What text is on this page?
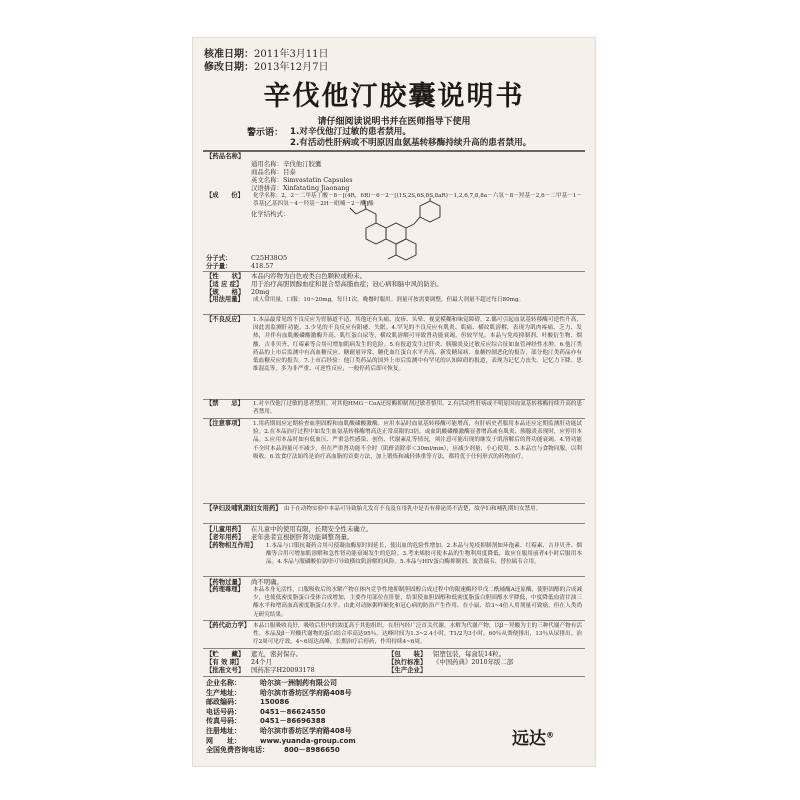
核准日期：2011年3月11日
修改日期：2013年12月7日
辛伐他汀胶囊说明书
请仔细阅读说明书并在医师指导下使用
警示语： 1.对辛伐他汀过敏的患者禁用。
2.有活动性肝病或不明原因血氨基转移酶持续升高的患者禁用。
【药品名称】
通用名称：辛伐他汀胶囊
商品名称：目泰
英文名称：Simvastatin Capsules
汉语拼音：Xinfatating Jiaonang
【成　　份】	化学名称：2，2－二甲基丁酸－8－[(4R，6R)－6－2－[(1S,2S,6S,8S,8aR)－1,2,6,7,8,8a－六氢－8－羟基－2,6－二甲基－1－萘基]乙基四氢－4－羟基－2H－吡喃－2－酮]酯
化学结构式：
分子式：	C25H38O5
分子量：	418.57
【性　　状】 本品内容物为白色或类白色颗粒或粉末。
【适 应 症】 用于治疗高胆固醇血症和混合型高脂血症；冠心病和脑中风的防治。
【规　　格】 20mg
【用法用量】	成人常用量，口服：10~20mg，每日1次，晚餐时服用。剂量可按需要调整，但最大剂量不超过每日80mg。
【不良反应】	1.本品最常见的不良反应为胃肠道不适，其他还有头痛、皮疹、头晕、视觉模糊和味觉障碍。2.偶可引起血氨基转移酶可逆性升高，因此需监测肝功能。3.少见的不良反应有阳痿、失眠。4.罕见的不良反应有肌炎、肌痛、横纹肌溶解，表现为肌肉疼痛、乏力、发热，并伴有血肌酸磷酸激酶升高、肌红蛋白尿等，横纹肌溶解可导致肾功能衰竭，但较罕见。本品与免疫抑制剂、叶酸衍生物、烟酸、吉非贝齐、红霉素等合用可增加肌病发生的危险。5.有报道发生过肝炎、胰腺炎及过敏反应综合征如血管神经性水肿。6.他汀类药品的上市后监测中有高血糖反应、糖耐量异常、糖化血红蛋白水平升高、新发糖尿病、血糖控制恶化的报告，部分他汀类药品亦有低血糖反应的报告。7.上市后经验：他汀类药品的国外上市后监测中有罕见的认知障碍的报道，表现为记忆力丧失、记忆力下降、思维混乱等，多为非严重、可逆性反应，一般停药后即可恢复。
【禁　　忌】	1.对辛伐他汀过敏的患者禁用。对其他HMG－CoA还原酶抑制剂过敏者慎用。2.有活动性肝病或不明原因血氨基转移酶持续升高的患者禁用。
【注意事项】	1.用药期间应定期检查血胆固醇和血肌酸磷酸激酶。应用本品时血氨基转移酶可能增高，有肝病史者服用本品还应定期监测肝功能试验。2.在本品治疗过程中如发生血氨基转移酶增高达正常高限的3倍，或血肌酸磷酸激酶显著增高或有肌炎、胰腺炎表现时，应停用本品。3.应用本品时如有低血压、严重急性感染、创伤、代谢紊乱等情况，须注意可能出现的继发于肌溶解后的肾功能衰竭。4.肾功能不全时本品剂量可不减少，但在严重肾功能不全时（肌酐清除率＜30ml/min），应减少剂量，小心使用。5.本品宜与食物同服，以利吸收。6.饮食疗法始终是治疗高血脂的首要方法，加上锻炼和减轻体重等方法，都将优于任何形式的药物治疗。
【孕妇及哺乳期妇女用药】 由于在动物实验中本品可导致胎儿发育不良及在母乳中是否有排泌尚不清楚，故孕妇和哺乳期妇女禁用。
【儿童用药】 在儿童中的使用有限，长期安全性未确立。
【老年用药】 老年患者宜根据肝肾功能调整剂量。
【药物相互作用】	1.本品与口服抗凝药合用可使凝血酶原时间延长，使出血的危险性增加。2.本品与免疫抑制剂如环孢素、红霉素、吉非贝齐、烟酸等合用可增加肌溶解和急性肾功能衰竭发生的危险。3.考来烯胺可使本品的生物利用度降低，故应在服用前者4小时后服用本品。4.本品与服磷酸伯氨喹可导致横纹肌溶解的风险。5.本品与HIV蛋白酶抑制剂、波普瑞韦、替拉瑞韦合用。
【药物过量】 尚不明确。
【药理毒理】	本品本身无活性，口服吸收后的水解产物在体内竞争性地抑制胆固醇合成过程中的限速酶羟甲戊二酰辅酶A还原酶，使胆固醇的合成减少，也使低密度脂蛋白受体合成增加，主要作用部位在肝脏，结果使血胆固醇和低密度脂蛋白胆固醇水平降低，中度降低血清甘油三酯水平和增高血高密度脂蛋白水平。由此对动脉粥样硬化和冠心病的防治产生作用。在小鼠、给3~4倍人用剂量可致癌，但在人类尚无研究结果。
【药代动力学】 本品口服吸收良好，吸收后肝内的浓度高于其他组织，在肝内经广泛首关代谢，水解为代谢产物，以β－羟酸为主的三种代谢产物有活性。本品及β－羟酸代谢物的蛋白结合率高达95％。达峰时间为1.3~2.4小时，T1/2为3小时。60％从粪便排出，13％从尿排出。治疗2周可见疗效，4~6周达高峰，长期治疗后停药，作用持续4~6周。
【贮　　藏】 遮光，密封保存。	【包　　装】 铝塑包装，每盒装14粒。
【有 效 期】 24个月	【执行标准】 《中国药典》2010年版二部
【批准文号】 国药准字H20093178	【生产企业】
企业名称：	哈尔滨一洲制药有限公司
生产地址：	哈尔滨市香坊区学府路408号
邮政编码：	150086
电话号码：	0451－86624550
传真号码：	0451－86696388
注册地址：	哈尔滨市香坊区学府路408号
网　　址：	www.yuanda-group.com
全国免费咨询电话： 800－8986650
远达®
